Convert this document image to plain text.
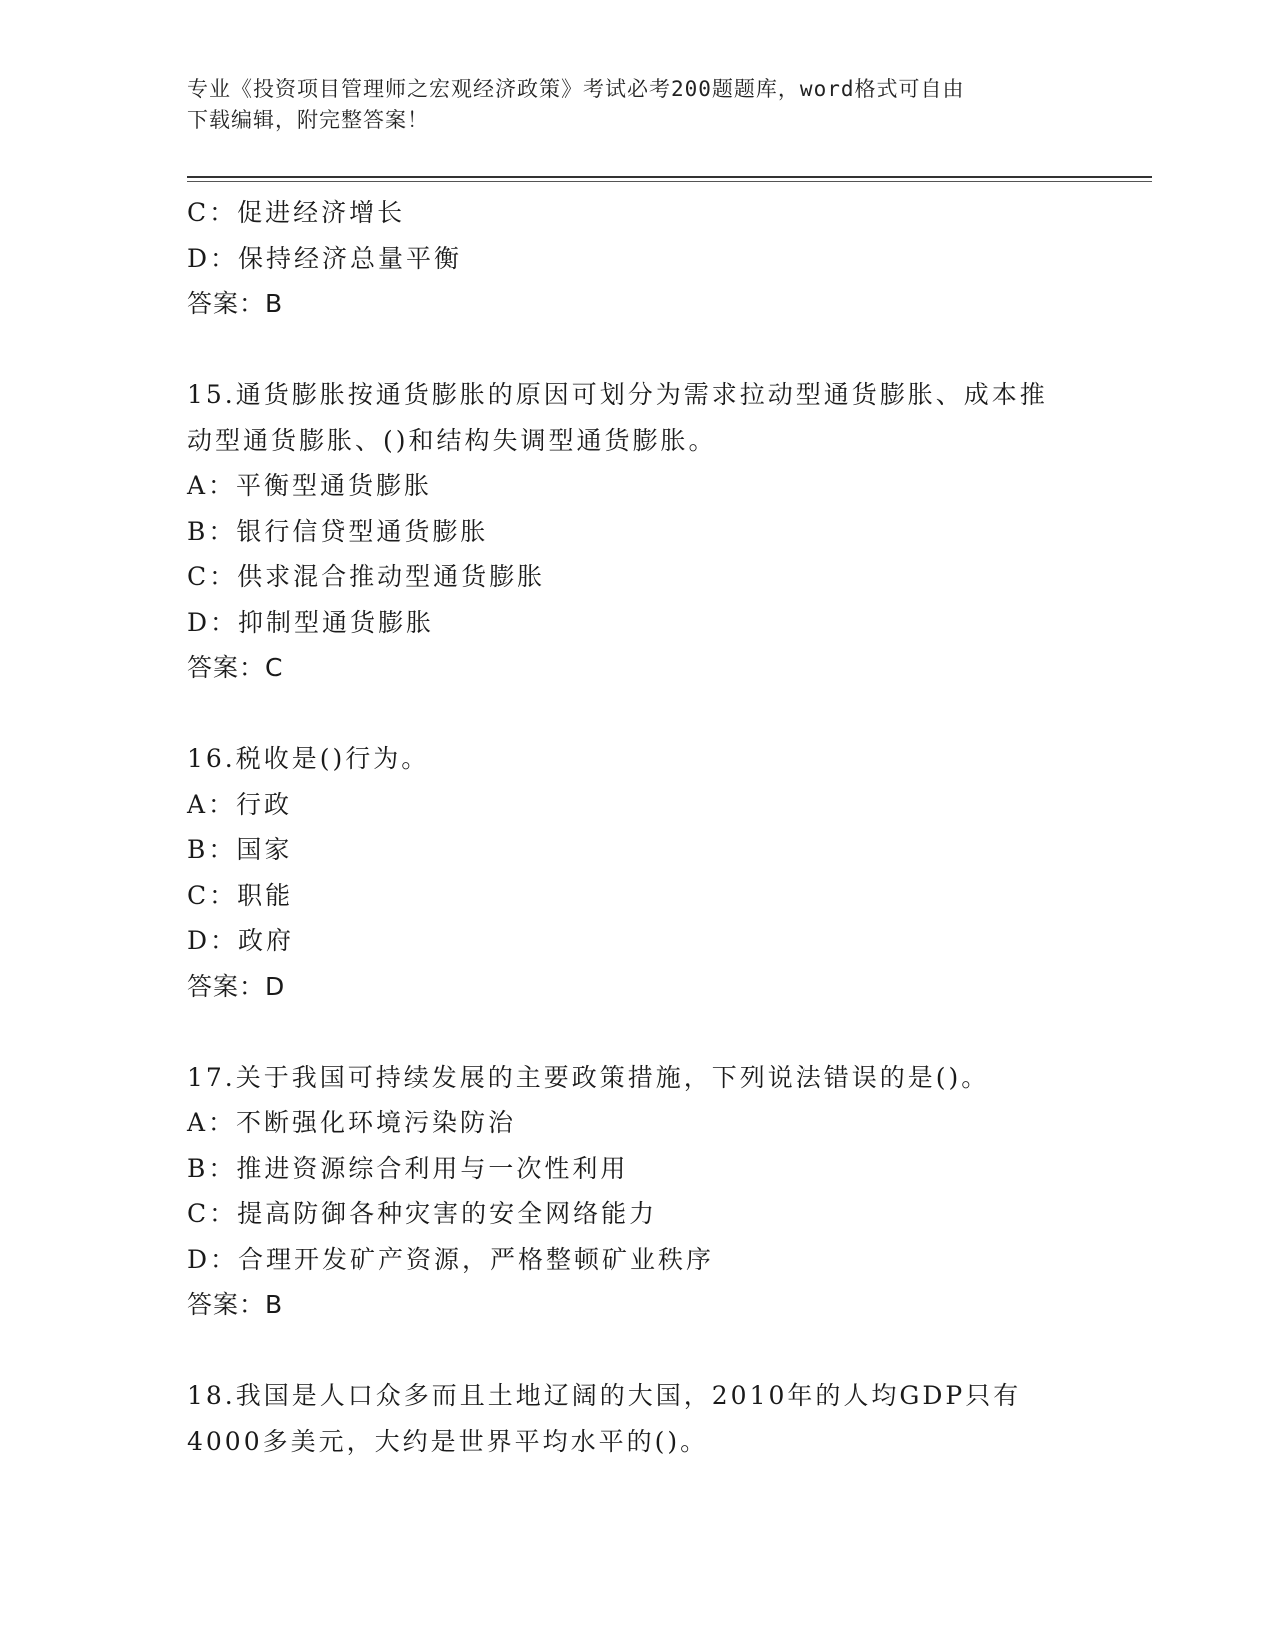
专业《投资项目管理师之宏观经济政策》考试必考200题题库，word格式可自由
下载编辑，附完整答案！
C：促进经济增长
D：保持经济总量平衡
答案：B
15.通货膨胀按通货膨胀的原因可划分为需求拉动型通货膨胀、成本推
动型通货膨胀、()和结构失调型通货膨胀。
A：平衡型通货膨胀
B：银行信贷型通货膨胀
C：供求混合推动型通货膨胀
D：抑制型通货膨胀
答案：C
16.税收是()行为。
A：行政
B：国家
C：职能
D：政府
答案：D
17.关于我国可持续发展的主要政策措施，下列说法错误的是()。
A：不断强化环境污染防治
B：推进资源综合利用与一次性利用
C：提高防御各种灾害的安全网络能力
D：合理开发矿产资源，严格整顿矿业秩序
答案：B
18.我国是人口众多而且土地辽阔的大国，2010年的人均GDP只有
4000多美元，大约是世界平均水平的()。
